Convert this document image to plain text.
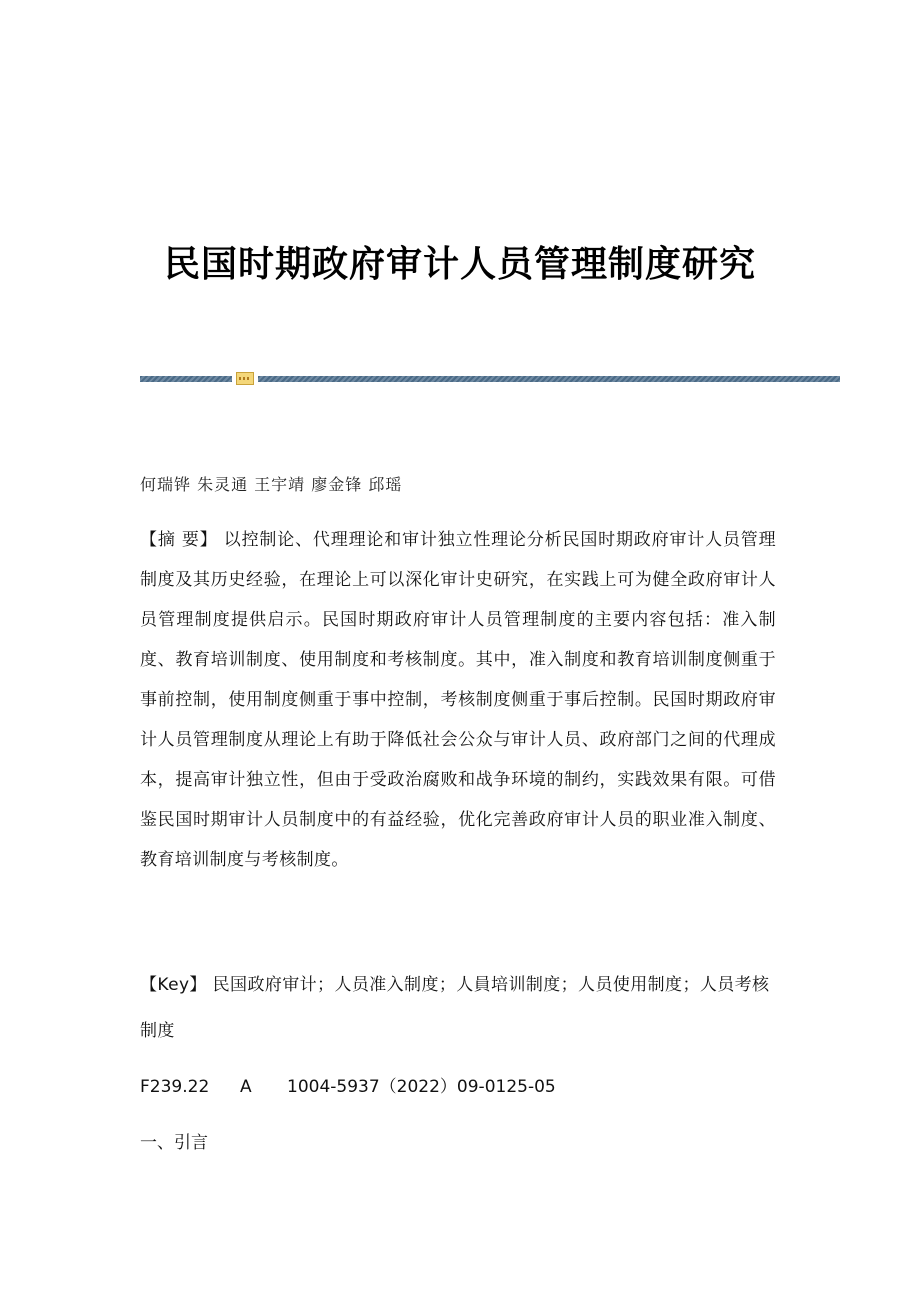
民国时期政府审计人员管理制度研究
何瑞铧 朱灵通 王宇靖 廖金锋 邱瑶
【摘 要】 以控制论、代理理论和审计独立性理论分析民国时期政府审计人员管理制度及其历史经验，在理论上可以深化审计史研究，在实践上可为健全政府审计人员管理制度提供启示。民国时期政府审计人员管理制度的主要内容包括：准入制度、教育培训制度、使用制度和考核制度。其中，准入制度和教育培训制度侧重于事前控制，使用制度侧重于事中控制，考核制度侧重于事后控制。民国时期政府审计人员管理制度从理论上有助于降低社会公众与审计人员、政府部门之间的代理成本，提高审计独立性，但由于受政治腐败和战争环境的制约，实践效果有限。可借鉴民国时期审计人员制度中的有益经验，优化完善政府审计人员的职业准入制度、教育培训制度与考核制度。
【Key】 民国政府审计；人员准入制度；人員培训制度；人员使用制度；人员考核制度
F239.22 A 1004-5937（2022）09-0125-05
一、引言
